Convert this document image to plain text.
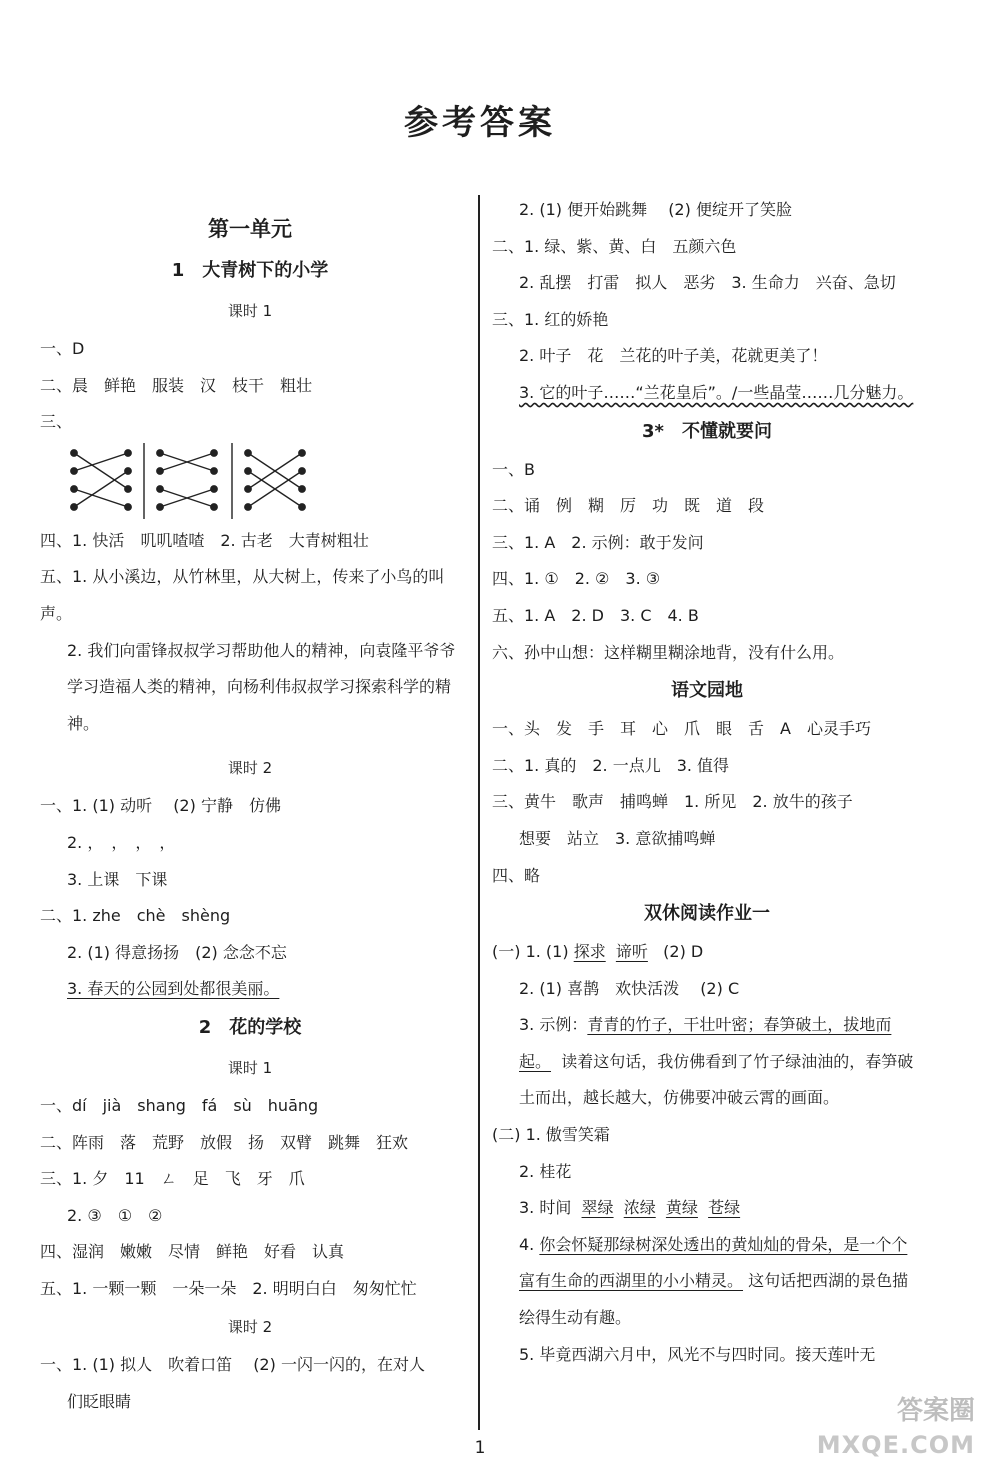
参考答案
第一单元
1　大青树下的小学
课时 1
一、D
二、晨　鲜艳　服装　汉　枝干　粗壮
三、
四、1. 快活　叽叽喳喳　2. 古老　大青树粗壮
五、1. 从小溪边，从竹林里，从大树上，传来了小鸟的叫声。
2. 我们向雷锋叔叔学习帮助他人的精神，向袁隆平爷爷学习造福人类的精神，向杨利伟叔叔学习探索科学的精神。
课时 2
一、1. (1) 动听　 (2) 宁静　仿佛
2. ，　，　，　，
3. 上课　下课
二、1. zhe　chè　shèng
2. (1) 得意扬扬　(2) 念念不忘
3. 春天的公园到处都很美丽。
2　花的学校
课时 1
一、dí　jià　shang　fá　sù　huāng
二、阵雨　落　荒野　放假　扬　双臂　跳舞　狂欢
三、1. 夕　11　ㄥ　足　飞　牙　爪
2. ③　①　②
四、湿润　嫩嫩　尽情　鲜艳　好看　认真
五、1. 一颗一颗　一朵一朵　2. 明明白白　匆匆忙忙
课时 2
一、1. (1) 拟人　吹着口笛　 (2) 一闪一闪的，在对人
们眨眼睛
2. (1) 便开始跳舞　 (2) 便绽开了笑脸
二、1. 绿、紫、黄、白　五颜六色
2. 乱摆　打雷　拟人　恶劣　3. 生命力　兴奋、急切
三、1. 红的娇艳
2. 叶子　花　兰花的叶子美，花就更美了！
3. 它的叶子……“兰花皇后”。/一些晶莹……几分魅力。
3*　不懂就要问
一、B
二、诵　例　糊　厉　功　既　道　段
三、1. A　2. 示例：敢于发问
四、1. ①　2. ②　3. ③
五、1. A　2. D　3. C　4. B
六、孙中山想：这样糊里糊涂地背，没有什么用。
语文园地
一、头　发　手　耳　心　爪　眼　舌　A　心灵手巧
二、1. 真的　2. 一点儿　3. 值得
三、黄牛　歌声　捕鸣蝉　1. 所见　2. 放牛的孩子
想要　站立　3. 意欲捕鸣蝉
四、略
双休阅读作业一
(一) 1. (1) 探求 谛听 (2) D
2. (1) 喜鹊　欢快活泼　 (2) C
3. 示例：青青的竹子，干壮叶密；春笋破土，拔地而起。 读着这句话，我仿佛看到了竹子绿油油的，春笋破土而出，越长越大，仿佛要冲破云霄的画面。
(二) 1. 傲雪笑霜
2. 桂花
3. 时间 翠绿 浓绿 黄绿 苍绿
4. 你会怀疑那绿树深处透出的黄灿灿的骨朵，是一个个富有生命的西湖里的小小精灵。 这句话把西湖的景色描绘得生动有趣。
5. 毕竟西湖六月中，风光不与四时同。接天莲叶无
1
答案圈
MXQE.COM
